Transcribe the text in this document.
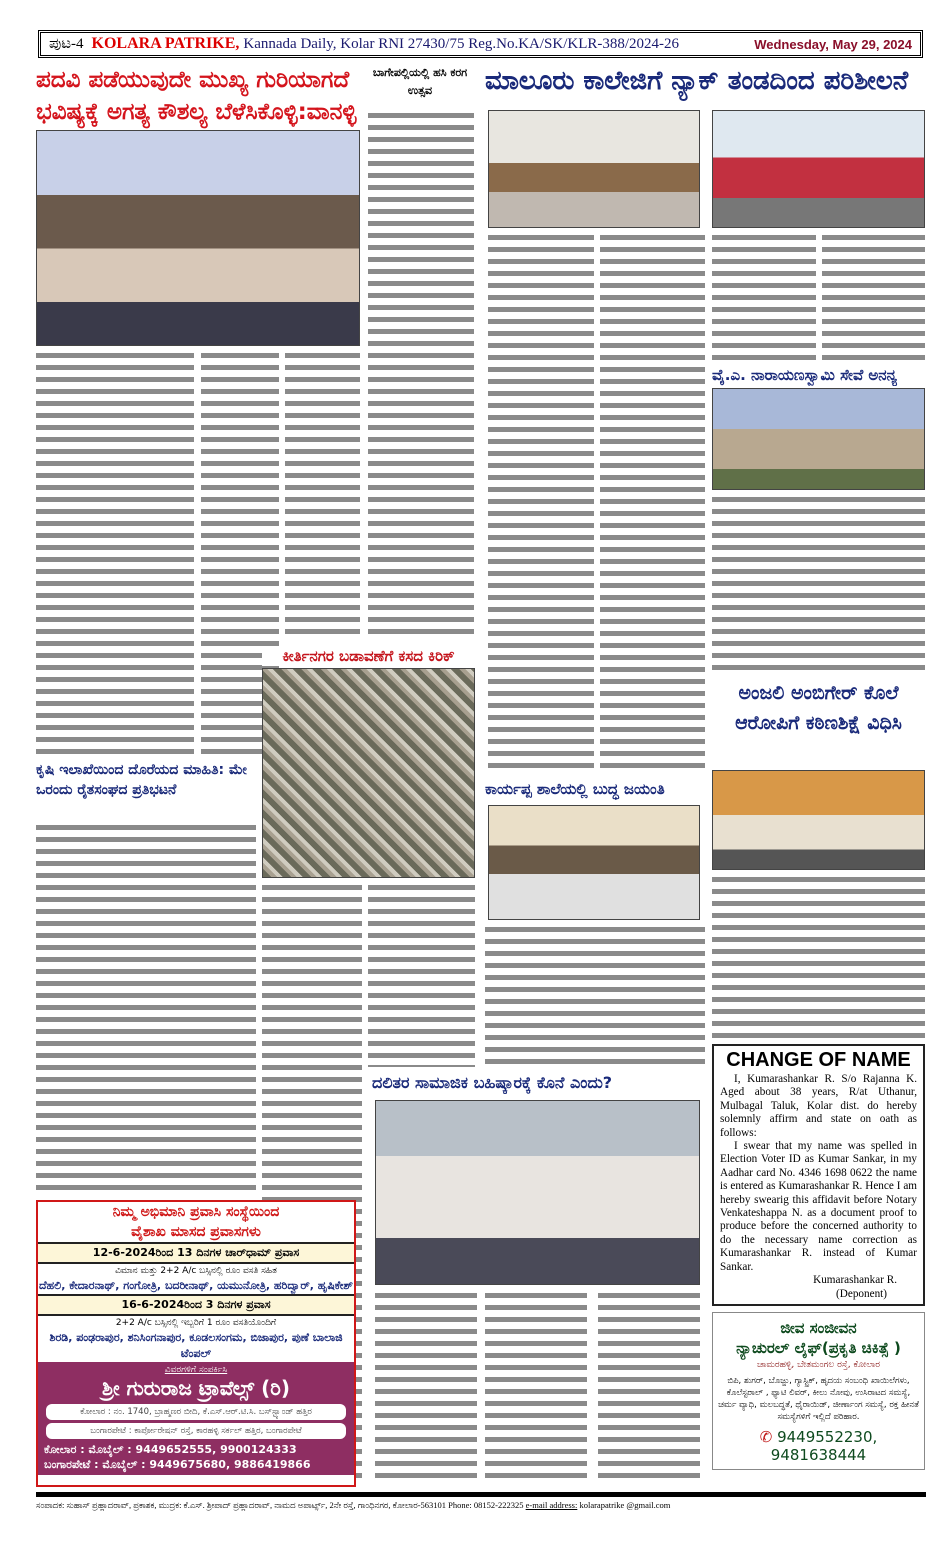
ಪುಟ-4 KOLARA PATRIKE, Kannada Daily, Kolar RNI 27430/75 Reg.No.KA/SK/KLR-388/2024-26	Wednesday, May 29, 2024
ಪದವಿ ಪಡೆಯುವುದೇ ಮುಖ್ಯ ಗುರಿಯಾಗದೆ ಭವಿಷ್ಯಕ್ಕೆ ಅಗತ್ಯ ಕೌಶಲ್ಯ ಬೆಳೆಸಿಕೊಳ್ಳಿ:ವಾನಳ್ಳಿ
ಕೃಷಿ ಇಲಾಖೆಯಿಂದ ದೊರೆಯದ ಮಾಹಿತಿ: ಮೇ ಒರಂದು ರೈತಸಂಘದ ಪ್ರತಿಭಟನೆ
ಬಾಗೇಪಲ್ಲಿಯಲ್ಲಿ ಹಸಿ ಕರಗ ಉತ್ಸವ
ಕೀರ್ತಿನಗರ ಬಡಾವಣೆಗೆ ಕಸದ ಕಿರಿಕ್
ಮಾಲೂರು ಕಾಲೇಜಿಗೆ ನ್ಯಾಕ್ ತಂಡದಿಂದ ಪರಿಶೀಲನೆ
ವೈ.ಎ. ನಾರಾಯಣಸ್ವಾಮಿ ಸೇವೆ ಅನನ್ಯ
ಅಂಜಲಿ ಅಂಬಿಗೇರ್ ಕೊಲೆ ಆರೋಪಿಗೆ ಕಠಿಣಶಿಕ್ಷೆ ವಿಧಿಸಿ
ಕಾರ್ಯಪ್ಪ ಶಾಲೆಯಲ್ಲಿ ಬುದ್ಧ ಜಯಂತಿ
ದಲಿತರ ಸಾಮಾಜಿಕ ಬಹಿಷ್ಕಾರಕ್ಕೆ ಕೊನೆ ಎಂದು?
CHANGE OF NAME

I, Kumarashankar R. S/o Rajanna K. Aged about 38 years, R/at Uthanur, Mulbagal Taluk, Kolar dist. do hereby solemnly affirm and state on oath as follows:

I swear that my name was spelled in Election Voter ID as Kumar Sankar, in my Aadhar card No. 4346 1698 0622 the name is entered as Kumarashankar R. Hence I am hereby swearig this affidavit before Notary Venkateshappa N. as a document proof to produce before the concerned authority to do the necessary name correction as Kumarashankar R. instead of Kumar Sankar.

Kumarashankar R.
(Deponent)
ಜೀವ ಸಂಜೀವನ
ನ್ಯಾಚುರಲ್ ಲೈಫ್(ಪ್ರಕೃತಿ ಚಿಕಿತ್ಸೆ )
ಚಾಮರಹಳ್ಳಿ, ಬೇತಮಂಗಲ ರಸ್ತೆ, ಕೋಲಾರ
ಬಿಪಿ, ಶುಗರ್, ಬೊಜ್ಜು, ಗ್ಯಾಸ್ಟ್ರಿಕ್, ಹೃದಯ ಸಂಬಂಧಿ ಖಾಯಿಲೆಗಳು, ಕೊಲೆಸ್ಟರಾಲ್ , ಫ್ಯಾಟಿ ಲಿವರ್, ಕೀಲು ನೋವು, ಉಸಿರಾಟದ ಸಮಸ್ಯೆ, ಚರ್ಮ ವ್ಯಾಧಿ, ಮಲಬದ್ಧತೆ, ಥೈರಾಯಿಡ್, ಜೀರ್ಣಾಂಗ ಸಮಸ್ಯೆ, ರಕ್ತ ಹೀನತೆ ಸಮಸ್ಯೆಗಳಿಗೆ ಇಲ್ಲಿದೆ ಪರಿಹಾರ.
✆ 9449552230, 9481638444
ನಿಮ್ಮ ಅಭಿಮಾನಿ ಪ್ರವಾಸಿ ಸಂಸ್ಥೆಯಿಂದ
ವೈಶಾಖ ಮಾಸದ ಪ್ರವಾಸಗಳು
12-6-2024ರಿಂದ 13 ದಿನಗಳ ಚಾರ್‌ಧಾಮ್ ಪ್ರವಾಸ
ವಿಮಾನ ಮತ್ತು 2+2 A/c ಬಸ್ಸಿನಲ್ಲಿ ರೂಂ ವಸತಿ ಸಹಿತ
ದೆಹಲಿ, ಕೇದಾರನಾಥ್, ಗಂಗೋತ್ರಿ, ಬದರೀನಾಥ್, ಯಮುನೋತ್ರಿ, ಹರಿದ್ವಾರ್, ಹೃಷಿಕೇಶ್
16-6-2024ರಿಂದ 3 ದಿನಗಳ ಪ್ರವಾಸ
2+2 A/c ಬಸ್ಸಿನಲ್ಲಿ ಇಬ್ಬರಿಗೆ 1 ರೂಂ ವಸತಿಯೊಂದಿಗೆ
ಶಿರಡಿ, ಪಂಢರಾಪುರ, ಶನಿಸಿಂಗನಾಪುರ, ಕೂಡಲಸಂಗಮ, ಬಿಜಾಪುರ, ಪುಣೆ ಬಾಲಾಜಿ ಟೆಂಪಲ್
ವಿವರಗಳಿಗೆ ಸಂಪರ್ಕಿಸಿ
ಶ್ರೀ ಗುರುರಾಜ ಟ್ರಾವೆಲ್ಸ್ (ರಿ)
ಕೋಲಾರ : ನಂ. 1740, ಬ್ರಾಹ್ಮಣರ ಬೀದಿ, ಕೆ.ಎಸ್.ಆರ್.ಟಿ.ಸಿ. ಬಸ್‌ಸ್ಟ್ಯಾಂಡ್ ಹತ್ತಿರ
ಬಂಗಾರಪೇಟೆ : ಕಾರ್ಪೋರೇಷನ್ ರಸ್ತೆ, ಕಾರಹಳ್ಳಿ ಸರ್ಕಲ್ ಹತ್ತಿರ, ಬಂಗಾರಪೇಟೆ
ಕೋಲಾರ : ಮೊಬೈಲ್ : 9449652555, 9900124333
ಬಂಗಾರಪೇಟೆ : ಮೊಬೈಲ್ : 9449675680, 9886419866
ಸಂಪಾದಕ: ಸುಹಾಸ್ ಪ್ರಹ್ಲಾದರಾವ್, ಪ್ರಕಾಶಕ, ಮುದ್ರಕ: ಕೆ.ಎಸ್. ಶ್ರೀಪಾದ್ ಪ್ರಹ್ಲಾದರಾವ್, ನಾಮದ ಅಪಾರ್ಟ್ಸ್, 2ನೇ ರಸ್ತೆ, ಗಾಂಧಿನಗರ, ಕೋಲಾರ-563101 Phone: 08152-222325 e-mail address: kolarapatrike @gmail.com
